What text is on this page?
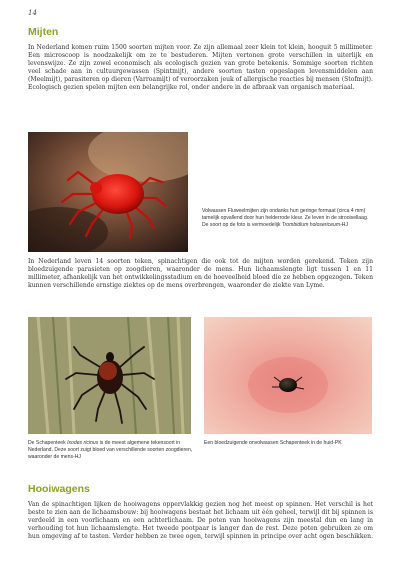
14
Mijten

In Nederland komen ruim 1500 soorten mijten voor. Ze zijn allemaal zeer klein tot klein, hooguit 5 millimeter. Een microscoop is noodzakelijk om ze te bestuderen. Mijten vertonen grote verschillen in uiterlijk en levenswijze. Ze zijn zowel economisch als ecologisch gezien van grote betekenis. Sommige soorten richten veel schade aan in cultuurgewassen (Spintmijt), andere soorten tasten opgeslagen levensmiddelen aan (Meelmijt), parasiteren op dieren (Varroamijt) of veroorzaken jeuk of allergische reacties bij mensen (Stofmijt). Ecologisch gezien spelen mijten een belangrijke rol, onder andere in de afbraak van organisch materiaal.

Volwassen Fluweelmijten zijn ondanks hun geringe formaat (circa 4 mm) tamelijk opvallend door hun helderrode kleur. Ze leven in de strooisellaag. De soort op de foto is vermoedelijk Trombidium holosericeum-HJ

In Nederland leven 14 soorten teken, spinachtigen die ook tot de mijten worden gerekend. Teken zijn bloedzuigende parasieten op zoogdieren, waaronder de mens. Hun lichaamslengte ligt tussen 1 en 11 millimeter, afhankelijk van het ontwikkelingsstadium en de hoeveelheid bloed die ze hebben opgezogen. Teken kunnen verschillende ernstige ziektes op de mens overbrengen, waaronder de ziekte van Lyme.

De Schapenteek Ixodes ricinus is de meest algemene tekensoort in Nederland. Deze soort zuigt bloed van verschillende soorten zoogdieren, waaronder de mens-HJ

Een bloedzuigende onvolwassen Schapenteek in de huid-PK

Hooiwagens

Van de spinachtigen lijken de hooiwagens oppervlakkig gezien nog het meest op spinnen. Het verschil is het beste te zien aan de lichaamsbouw: bij hooiwagens bestaat het lichaam uit één geheel, terwijl dit bij spinnen is verdeeld in een voorlichaam en een achterlichaam. De poten van hooiwagens zijn meestal dun en lang in verhouding tot hun lichaamslengte. Het tweede pootpaar is langer dan de rest. Deze poten gebruiken ze om hun omgeving af te tasten. Verder hebben ze twee ogen, terwijl spinnen in principe over acht ogen beschikken.
